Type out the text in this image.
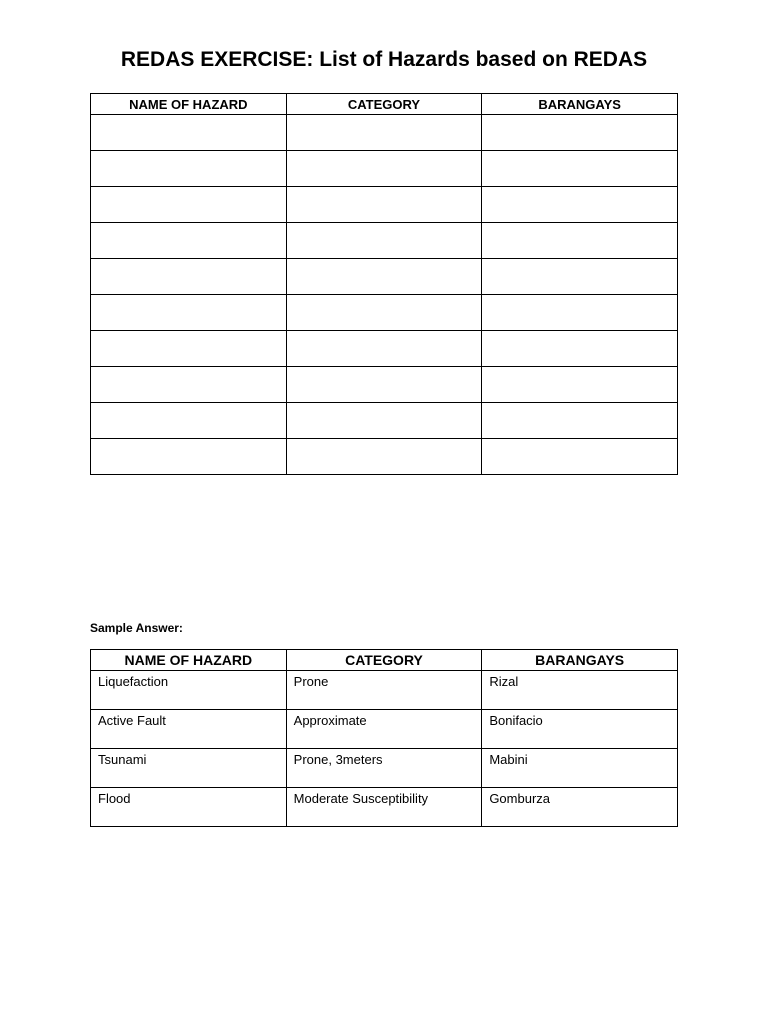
REDAS EXERCISE: List of Hazards based on REDAS
NAME OF HAZARD	CATEGORY	BARANGAYS

Sample Answer:

NAME OF HAZARD	CATEGORY	BARANGAYS
Liquefaction	Prone	Rizal
Active Fault	Approximate	Bonifacio
Tsunami	Prone, 3meters	Mabini
Flood	Moderate Susceptibility	Gomburza
